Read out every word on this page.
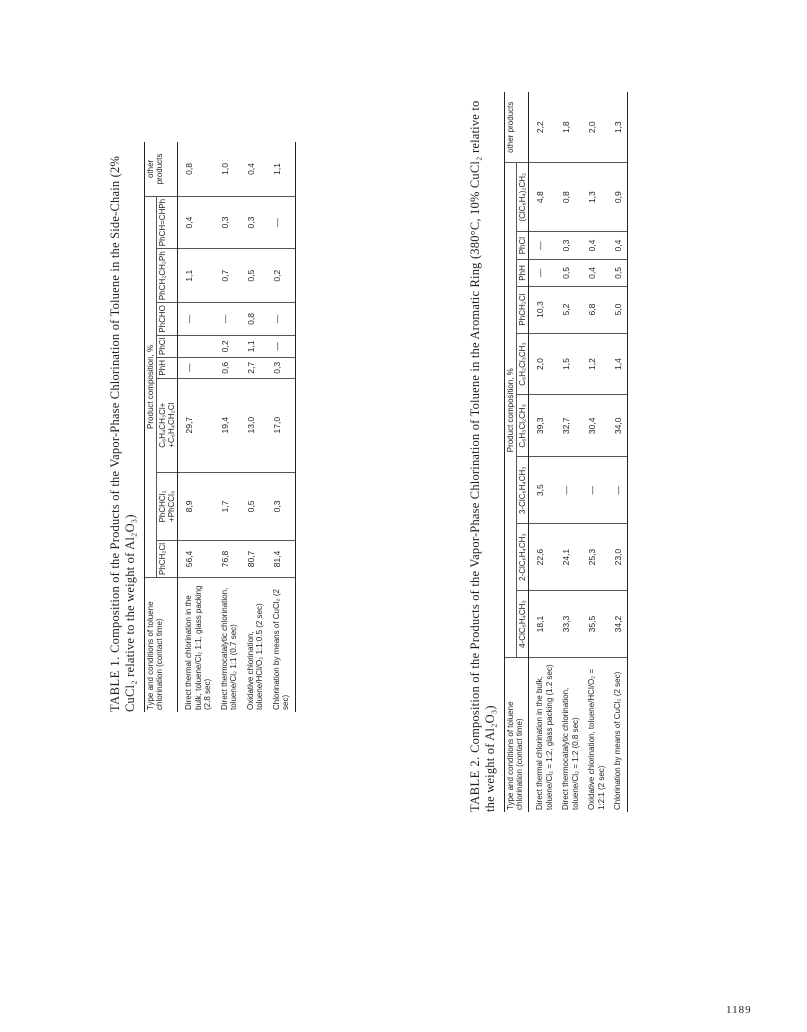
TABLE 1. Composition of the Products of the Vapor-Phase Chlorination of Toluene in the Side-Chain (2% CuCl₂ relative to the weight of Al₂O₃) Type and conditions of toluene chlorination (contact time)	Product composition, %								other products
	PhCH₂Cl	PhCHCl₂ +PhCCl₃	C₆H₄CH₃Cl+ +C₆H₄CH₂Cl	PhH	PhCl	PhCHO	PhCH₂CH₂Ph	PhCH=CHPh	
Direct thermal chlorination in the bulk, toluene/Cl₂ 1:1, glass packing (2.8 sec)	56,4	8,9	29,7	—		—	1,1	0,4	0,8
Direct thermocatalytic chlorination, toluene/Cl₂ 1:1 (0.7 sec)	76,8	1,7	19,4	0,6	0,2	—	0,7	0,3	1,0
Oxidative chlorination, toluene/HCl/O₂ 1:1:0.5 (2 sec)	80,7	0,5	13,0	2,7	1,1	0,8	0,5	0,3	0,4
Chlorination by means of CuCl₂ (2 sec)	81,4	0,3	17,0	0,3	—	—	0,2	—	1,1

TABLE 2. Composition of the Products of the Vapor-Phase Chlorination of Toluene in the Aromatic Ring (380°C, 10% CuCl₂ relative to the weight of Al₂O₃) Type and conditions of toluene chlorination (contact time)	Product composition, %									other products
	4-ClC₆H₄CH₃	2-ClC₆H₄CH₃	3-ClC₆H₄CH₃	C₆H₃Cl₂CH₃	C₆H₂Cl₃CH₃	PhCH₂Cl	PhH	PhCl	(ClC₆H₄)₂CH₂	
Direct thermal chlorination in the bulk, toluene/Cl₂ = 1:2, glass packing (1.2 sec)	18,1	22,6	3,5	39,3	2,0	10,3	—	—	4,8	2,2
Direct thermocatalytic chlorination, toluene/Cl₂ = 1:2 (0.8 sec)	33,3	24,1	—	32,7	1,5	5,2	0,5	0,3	0,8	1,8
Oxidative chlorination, toluene/HCl/O₂ = 1:2:1 (2 sec)	35,5	25,3	—	30,4	1,2	6,8	0,4	0,4	1,3	2,0
Chlorination by means of CuCl₂ (2 sec)	34,2	23,0	—	34,0	1,4	5,0	0,5	0,4	0,9	1,3
1189
